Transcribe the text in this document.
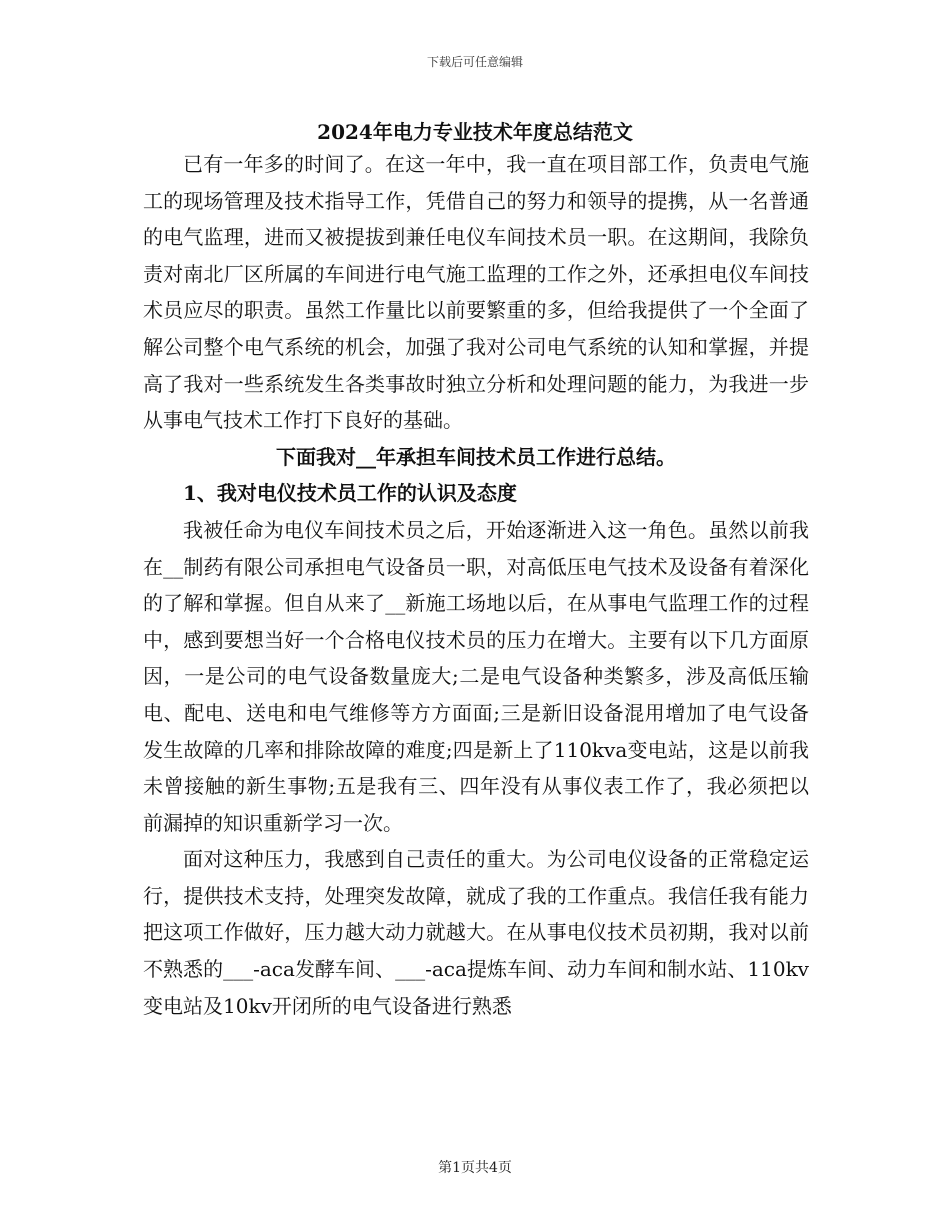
下载后可任意编辑
2024年电力专业技术年度总结范文

已有一年多的时间了。在这一年中，我一直在项目部工作，负责电气施工的现场管理及技术指导工作，凭借自己的努力和领导的提携，从一名普通的电气监理，进而又被提拔到兼任电仪车间技术员一职。在这期间，我除负责对南北厂区所属的车间进行电气施工监理的工作之外，还承担电仪车间技术员应尽的职责。虽然工作量比以前要繁重的多，但给我提供了一个全面了解公司整个电气系统的机会，加强了我对公司电气系统的认知和掌握，并提高了我对一些系统发生各类事故时独立分析和处理问题的能力，为我进一步从事电气技术工作打下良好的基础。

下面我对__年承担车间技术员工作进行总结。

1、我对电仪技术员工作的认识及态度

我被任命为电仪车间技术员之后，开始逐渐进入这一角色。虽然以前我在__制药有限公司承担电气设备员一职，对高低压电气技术及设备有着深化的了解和掌握。但自从来了__新施工场地以后，在从事电气监理工作的过程中，感到要想当好一个合格电仪技术员的压力在增大。主要有以下几方面原因，一是公司的电气设备数量庞大;二是电气设备种类繁多，涉及高低压输电、配电、送电和电气维修等方方面面;三是新旧设备混用增加了电气设备发生故障的几率和排除故障的难度;四是新上了110kva变电站，这是以前我未曾接触的新生事物;五是我有三、四年没有从事仪表工作了，我必须把以前漏掉的知识重新学习一次。

面对这种压力，我感到自己责任的重大。为公司电仪设备的正常稳定运行，提供技术支持，处理突发故障，就成了我的工作重点。我信任我有能力把这项工作做好，压力越大动力就越大。在从事电仪技术员初期，我对以前不熟悉的___-aca发酵车间、___-aca提炼车间、动力车间和制水站、110kv变电站及10kv开闭所的电气设备进行熟悉

第1页共4页
